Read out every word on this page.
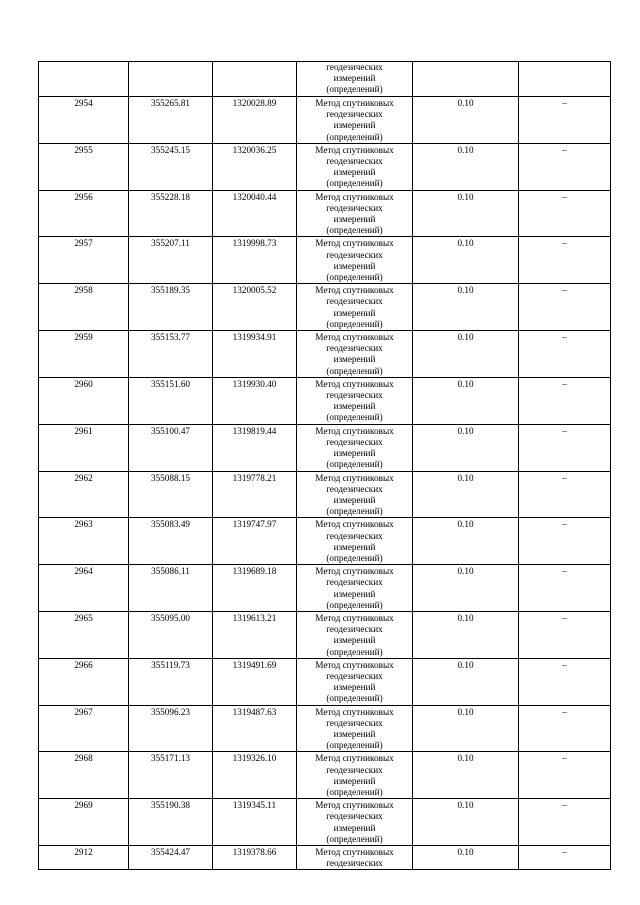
			геодезических
измерений
(определений)		
2954	355265.81	1320028.89	Метод спутниковых
геодезических
измерений
(определений)	0.10	–
2955	355245.15	1320036.25	Метод спутниковых
геодезических
измерений
(определений)	0.10	–
2956	355228.18	1320040.44	Метод спутниковых
геодезических
измерений
(определений)	0.10	–
2957	355207.11	1319998.73	Метод спутниковых
геодезических
измерений
(определений)	0.10	–
2958	355189.35	1320005.52	Метод спутниковых
геодезических
измерений
(определений)	0.10	–
2959	355153.77	1319934.91	Метод спутниковых
геодезических
измерений
(определений)	0.10	–
2960	355151.60	1319930.40	Метод спутниковых
геодезических
измерений
(определений)	0.10	–
2961	355100.47	1319819.44	Метод спутниковых
геодезических
измерений
(определений)	0.10	–
2962	355088.15	1319778.21	Метод спутниковых
геодезических
измерений
(определений)	0.10	–
2963	355083.49	1319747.97	Метод спутниковых
геодезических
измерений
(определений)	0.10	–
2964	355086.11	1319689.18	Метод спутниковых
геодезических
измерений
(определений)	0.10	–
2965	355095.00	1319613.21	Метод спутниковых
геодезических
измерений
(определений)	0.10	–
2966	355119.73	1319491.69	Метод спутниковых
геодезических
измерений
(определений)	0.10	–
2967	355096.23	1319487.63	Метод спутниковых
геодезических
измерений
(определений)	0.10	–
2968	355171.13	1319326.10	Метод спутниковых
геодезических
измерений
(определений)	0.10	–
2969	355190.38	1319345.11	Метод спутниковых
геодезических
измерений
(определений)	0.10	–
2912	355424.47	1319378.66	Метод спутниковых
геодезических	0.10	–
